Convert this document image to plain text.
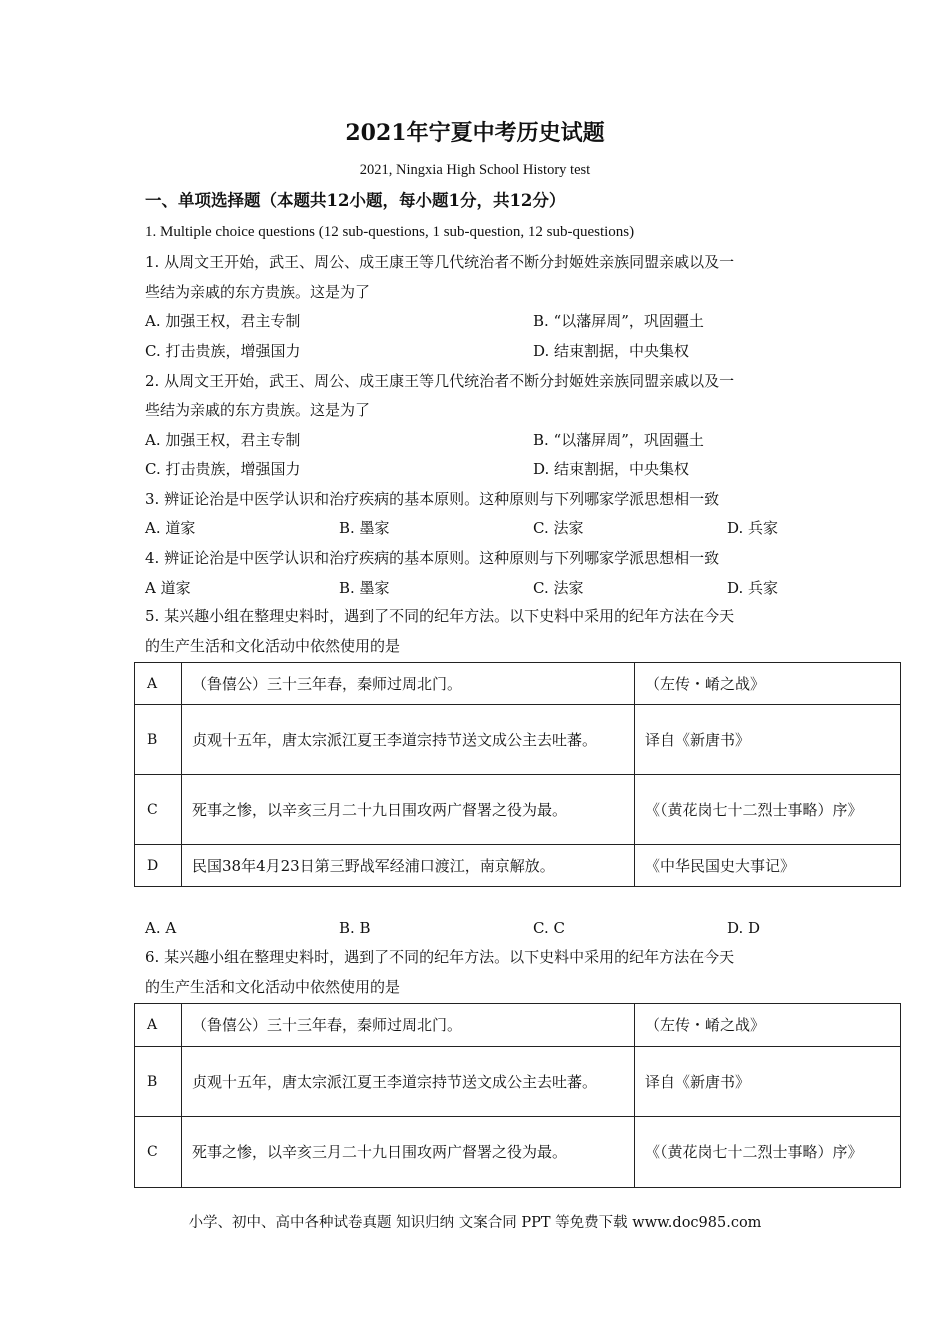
2021年宁夏中考历史试题
2021, Ningxia High School History test
一、单项选择题（本题共12小题，每小题1分，共12分）
1. Multiple choice questions (12 sub-questions, 1 sub-question, 12 sub-questions)
1. 从周文王开始，武王、周公、成王康王等几代统治者不断分封姬姓亲族同盟亲戚以及一
些结为亲戚的东方贵族。这是为了
A. 加强王权，君主专制	B. “以藩屏周”，巩固疆土
C. 打击贵族，增强国力	D. 结束割据，中央集权
2. 从周文王开始，武王、周公、成王康王等几代统治者不断分封姬姓亲族同盟亲戚以及一
些结为亲戚的东方贵族。这是为了
A. 加强王权，君主专制	B. “以藩屏周”，巩固疆土
C. 打击贵族，增强国力	D. 结束割据，中央集权
3. 辨证论治是中医学认识和治疗疾病的基本原则。这种原则与下列哪家学派思想相一致
A. 道家	B. 墨家	C. 法家	D. 兵家
4. 辨证论治是中医学认识和治疗疾病的基本原则。这种原则与下列哪家学派思想相一致
A 道家	B. 墨家	C. 法家	D. 兵家
5. 某兴趣小组在整理史料时，遇到了不同的纪年方法。以下史料中采用的纪年方法在今天
的生产生活和文化活动中依然使用的是
A	（鲁僖公）三十三年春，秦师过周北门。	（左传・崤之战》
B	贞观十五年，唐太宗派江夏王李道宗持节送文成公主去吐蕃。	译自《新唐书》
C	死事之惨，以辛亥三月二十九日围攻两广督署之役为最。	《（黄花岗七十二烈士事略）序》
D	民国38年4月23日第三野战军经浦口渡江，南京解放。	《中华民国史大事记》
A. A	B. B	C. C	D. D
6. 某兴趣小组在整理史料时，遇到了不同的纪年方法。以下史料中采用的纪年方法在今天
的生产生活和文化活动中依然使用的是
A	（鲁僖公）三十三年春，秦师过周北门。	（左传・崤之战》
B	贞观十五年，唐太宗派江夏王李道宗持节送文成公主去吐蕃。	译自《新唐书》
C	死事之惨，以辛亥三月二十九日围攻两广督署之役为最。	《（黄花岗七十二烈士事略）序》
小学、初中、高中各种试卷真题 知识归纳 文案合同 PPT 等免费下载 www.doc985.com
